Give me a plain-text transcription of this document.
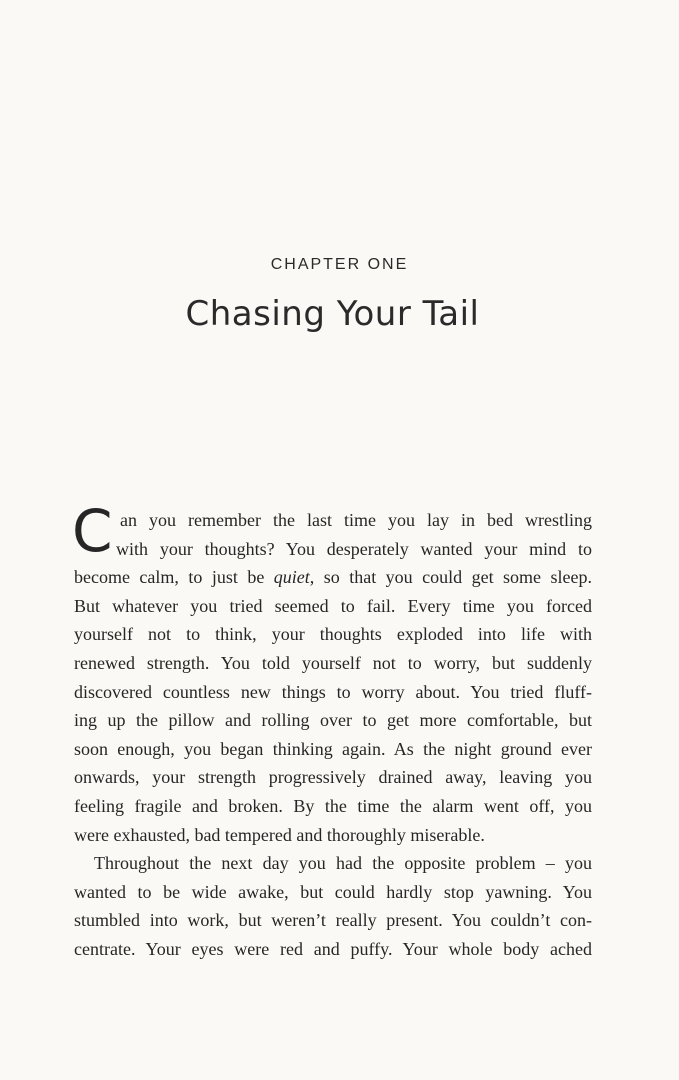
CHAPTER ONE
Chasing Your Tail
C an you remember the last time you lay in bed wrestling
with your thoughts? You desperately wanted your mind to
become calm, to just be quiet, so that you could get some sleep.
But whatever you tried seemed to fail. Every time you forced
yourself not to think, your thoughts exploded into life with
renewed strength. You told yourself not to worry, but suddenly
discovered countless new things to worry about. You tried fluff-
ing up the pillow and rolling over to get more comfortable, but
soon enough, you began thinking again. As the night ground ever
onwards, your strength progressively drained away, leaving you
feeling fragile and broken. By the time the alarm went off, you
were exhausted, bad tempered and thoroughly miserable.
Throughout the next day you had the opposite problem – you
wanted to be wide awake, but could hardly stop yawning. You
stumbled into work, but weren’t really present. You couldn’t con-
centrate. Your eyes were red and puffy. Your whole body ached
